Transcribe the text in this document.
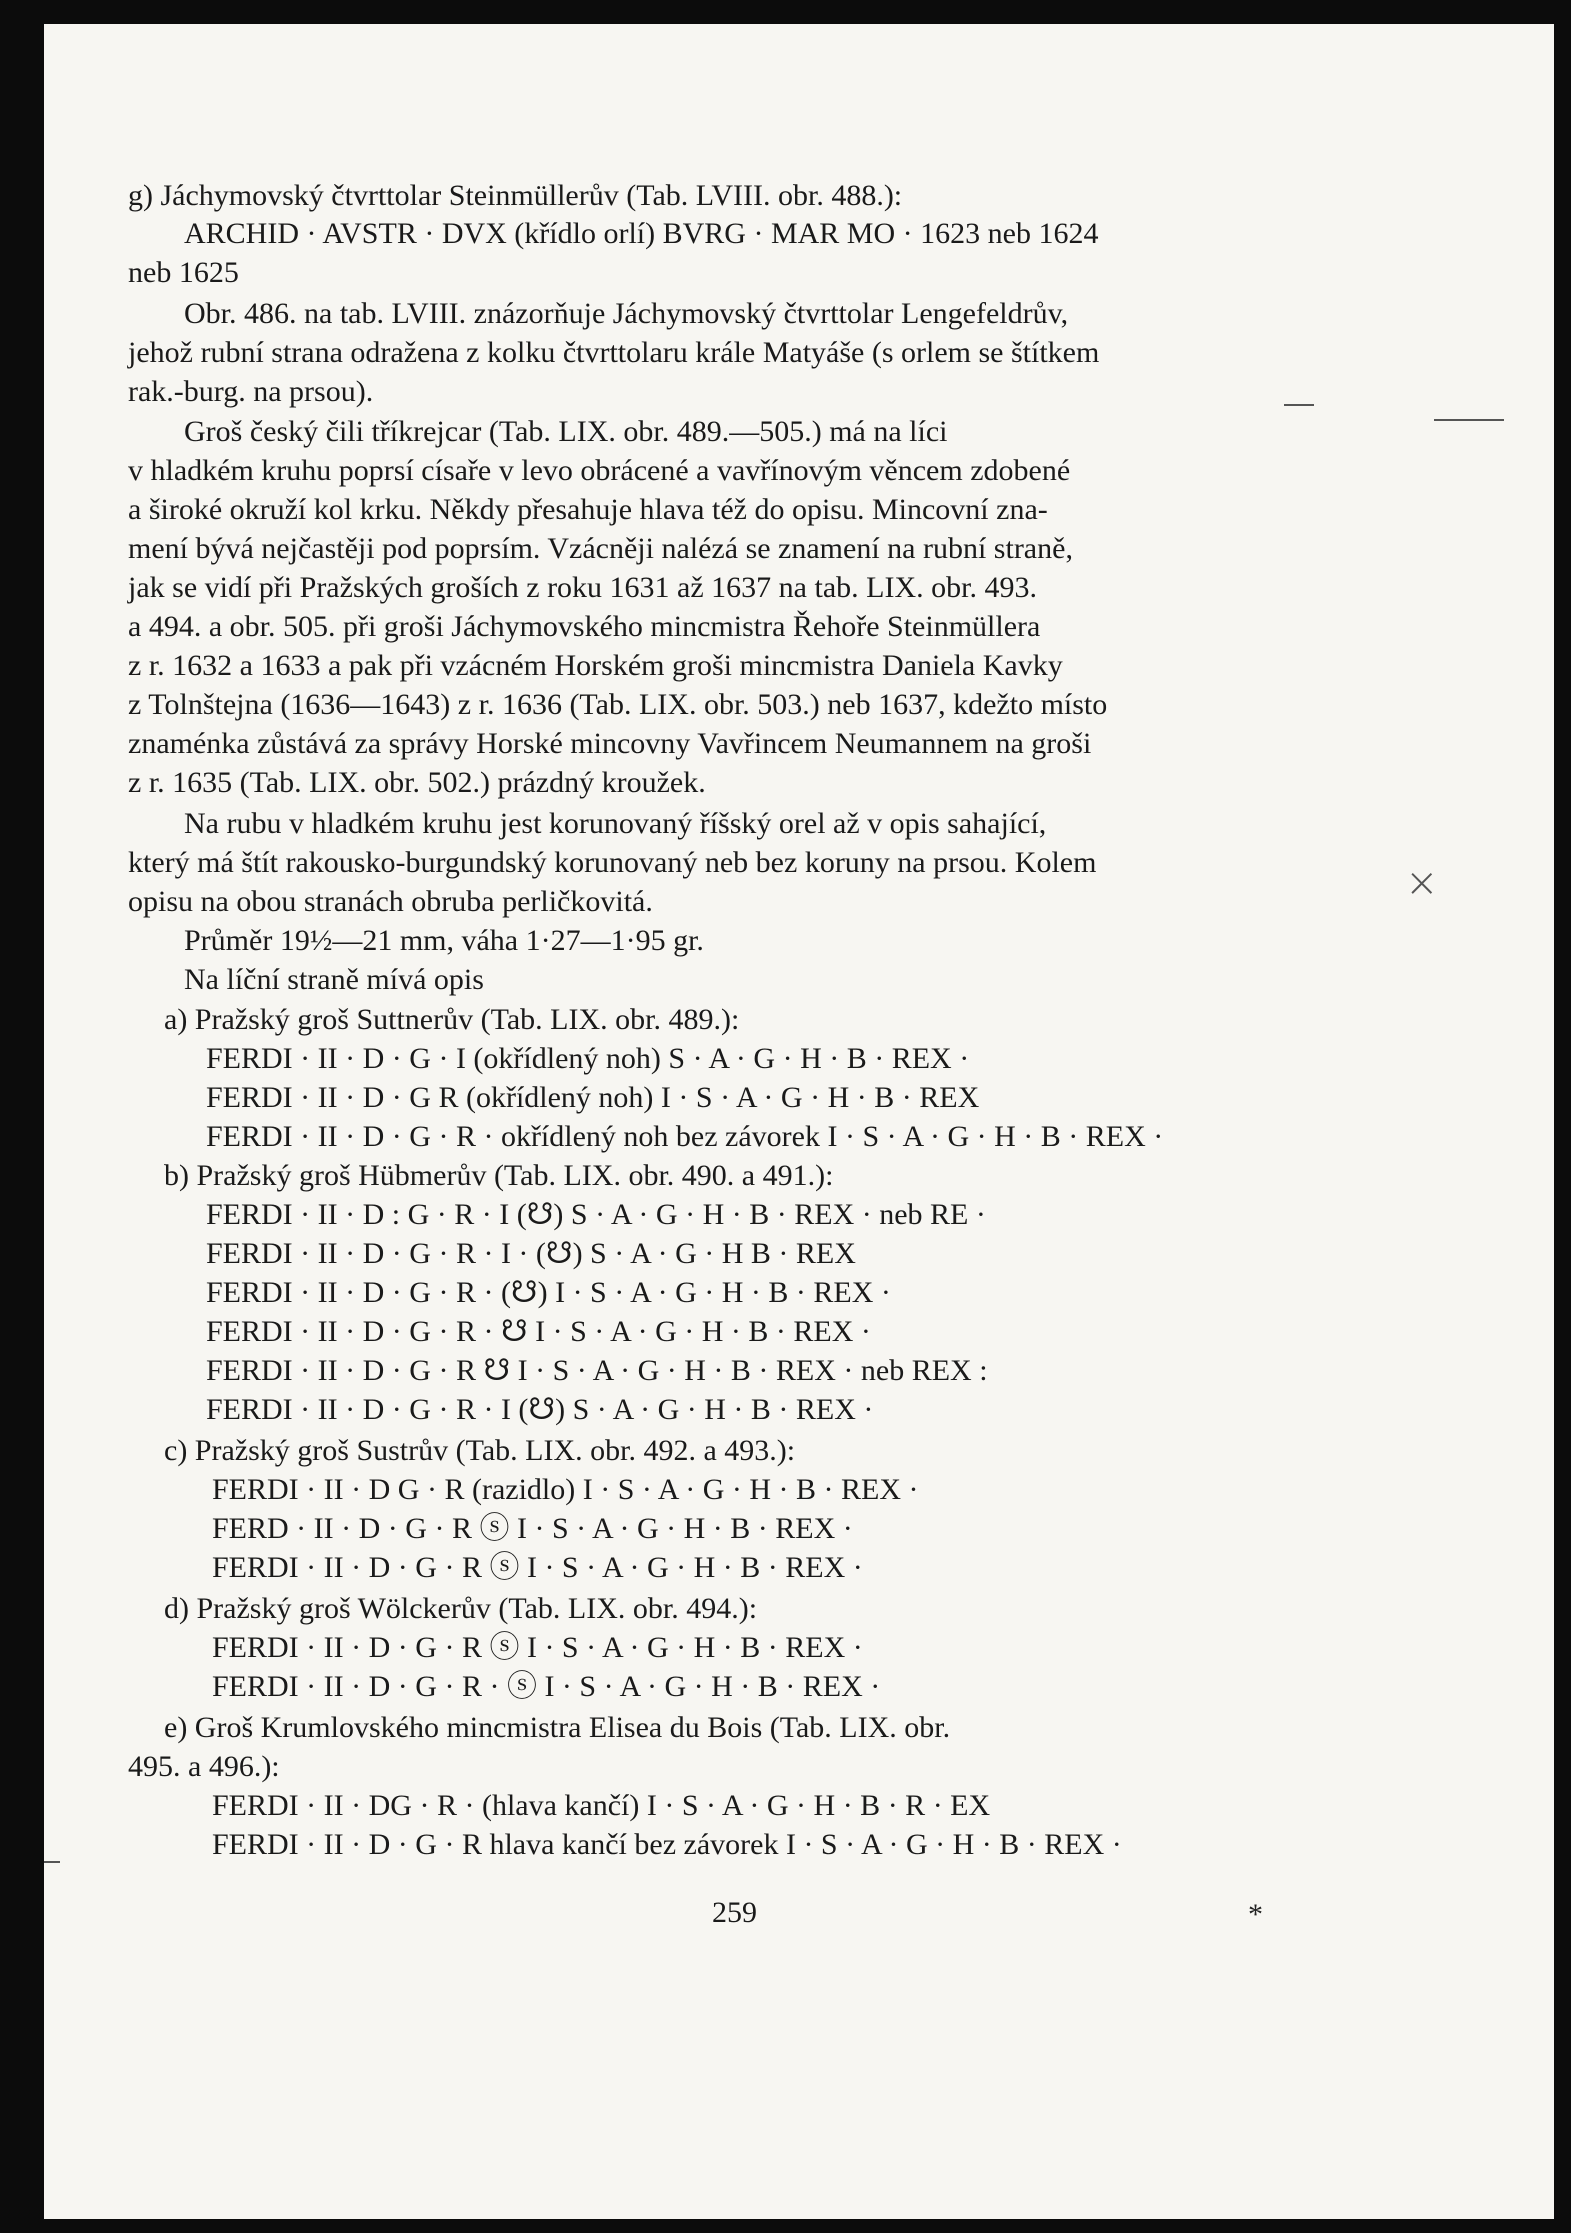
g) Jáchymovský čtvrttolar Steinmüllerův (Tab. LVIII. obr. 488.):
ARCHID · AVSTR · DVX (křídlo orlí) BVRG · MAR MO · 1623 neb 1624
neb 1625
Obr. 486. na tab. LVIII. znázorňuje Jáchymovský čtvrttolar Lengefeldrův,
jehož rubní strana odražena z kolku čtvrttolaru krále Matyáše (s orlem se štítkem
rak.-burg. na prsou).
Groš český čili tříkrejcar (Tab. LIX. obr. 489.—505.) má na líci
v hladkém kruhu poprsí císaře v levo obrácené a vavřínovým věncem zdobené
a široké okruží kol krku. Někdy přesahuje hlava též do opisu. Mincovní zna-
mení bývá nejčastěji pod poprsím. Vzácněji nalézá se znamení na rubní straně,
jak se vidí při Pražských groších z roku 1631 až 1637 na tab. LIX. obr. 493.
a 494. a obr. 505. při groši Jáchymovského mincmistra Řehoře Steinmüllera
z r. 1632 a 1633 a pak při vzácném Horském groši mincmistra Daniela Kavky
z Tolnštejna (1636—1643) z r. 1636 (Tab. LIX. obr. 503.) neb 1637, kdežto místo
znaménka zůstává za správy Horské mincovny Vavřincem Neumannem na groši
z r. 1635 (Tab. LIX. obr. 502.) prázdný kroužek.
Na rubu v hladkém kruhu jest korunovaný říšský orel až v opis sahající,
který má štít rakousko-burgundský korunovaný neb bez koruny na prsou. Kolem
opisu na obou stranách obruba perličkovitá.
Průměr 19½—21 mm, váha 1·27—1·95 gr.
Na líční straně mívá opis
a) Pražský groš Suttnerův (Tab. LIX. obr. 489.):
FERDI · II · D · G · I (okřídlený noh) S · A · G · H · B · REX ·
FERDI · II · D · G R (okřídlený noh) I · S · A · G · H · B · REX
FERDI · II · D · G · R · okřídlený noh bez závorek I · S · A · G · H · B · REX ·
b) Pražský groš Hübmerův (Tab. LIX. obr. 490. a 491.):
FERDI · II · D : G · R · I (☋) S · A · G · H · B · REX · neb RE ·
FERDI · II · D · G · R · I · (☋) S · A · G · H B · REX
FERDI · II · D · G · R · (☋) I · S · A · G · H · B · REX ·
FERDI · II · D · G · R · ☋ I · S · A · G · H · B · REX ·
FERDI · II · D · G · R ☋ I · S · A · G · H · B · REX · neb REX :
FERDI · II · D · G · R · I (☋) S · A · G · H · B · REX ·
c) Pražský groš Sustrův (Tab. LIX. obr. 492. a 493.):
FERDI · II · D G · R (razidlo) I · S · A · G · H · B · REX ·
FERD · II · D · G · R ⓢ I · S · A · G · H · B · REX ·
FERDI · II · D · G · R ⓢ I · S · A · G · H · B · REX ·
d) Pražský groš Wölckerův (Tab. LIX. obr. 494.):
FERDI · II · D · G · R ⓢ I · S · A · G · H · B · REX ·
FERDI · II · D · G · R · ⓢ I · S · A · G · H · B · REX ·
e) Groš Krumlovského mincmistra Elisea du Bois (Tab. LIX. obr.
495. a 496.):
FERDI · II · DG · R · (hlava kančí) I · S · A · G · H · B · R · EX
FERDI · II · D · G · R hlava kančí bez závorek I · S · A · G · H · B · REX ·
259	*
×
